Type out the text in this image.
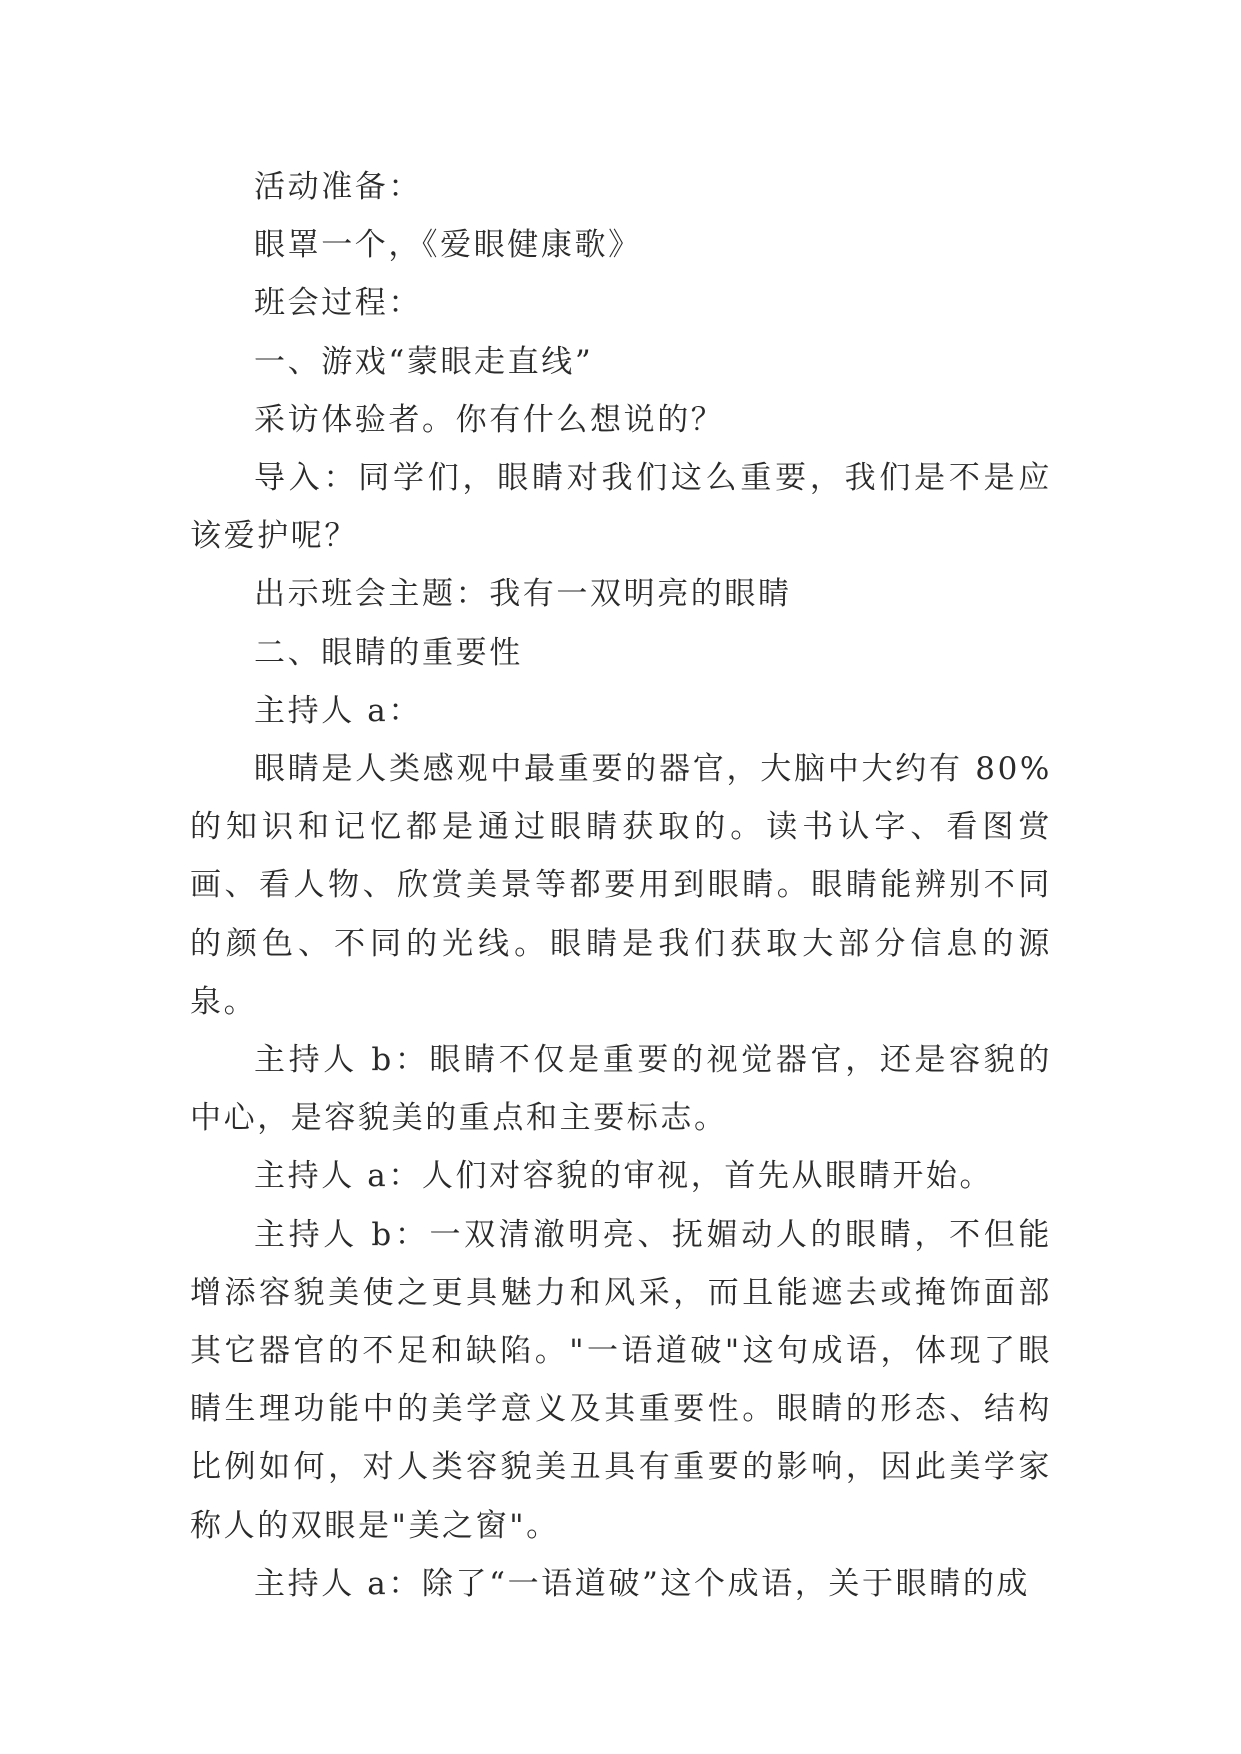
活动准备：

眼罩一个，《爱眼健康歌》

班会过程：

一、游戏“蒙眼走直线”

采访体验者。你有什么想说的？

导入：同学们，眼睛对我们这么重要，我们是不是应该爱护呢？

出示班会主题：我有一双明亮的眼睛

二、眼睛的重要性

主持人 a：

眼睛是人类感观中最重要的器官，大脑中大约有 80%的知识和记忆都是通过眼睛获取的。读书认字、看图赏画、看人物、欣赏美景等都要用到眼睛。眼睛能辨别不同的颜色、不同的光线。眼睛是我们获取大部分信息的源泉。

主持人 b：眼睛不仅是重要的视觉器官，还是容貌的中心，是容貌美的重点和主要标志。

主持人 a：人们对容貌的审视，首先从眼睛开始。

主持人 b：一双清澈明亮、抚媚动人的眼睛，不但能增添容貌美使之更具魅力和风采，而且能遮去或掩饰面部其它器官的不足和缺陷。"一语道破"这句成语，体现了眼睛生理功能中的美学意义及其重要性。眼睛的形态、结构比例如何，对人类容貌美丑具有重要的影响，因此美学家称人的双眼是"美之窗"。

主持人 a：除了“一语道破”这个成语，关于眼睛的成
